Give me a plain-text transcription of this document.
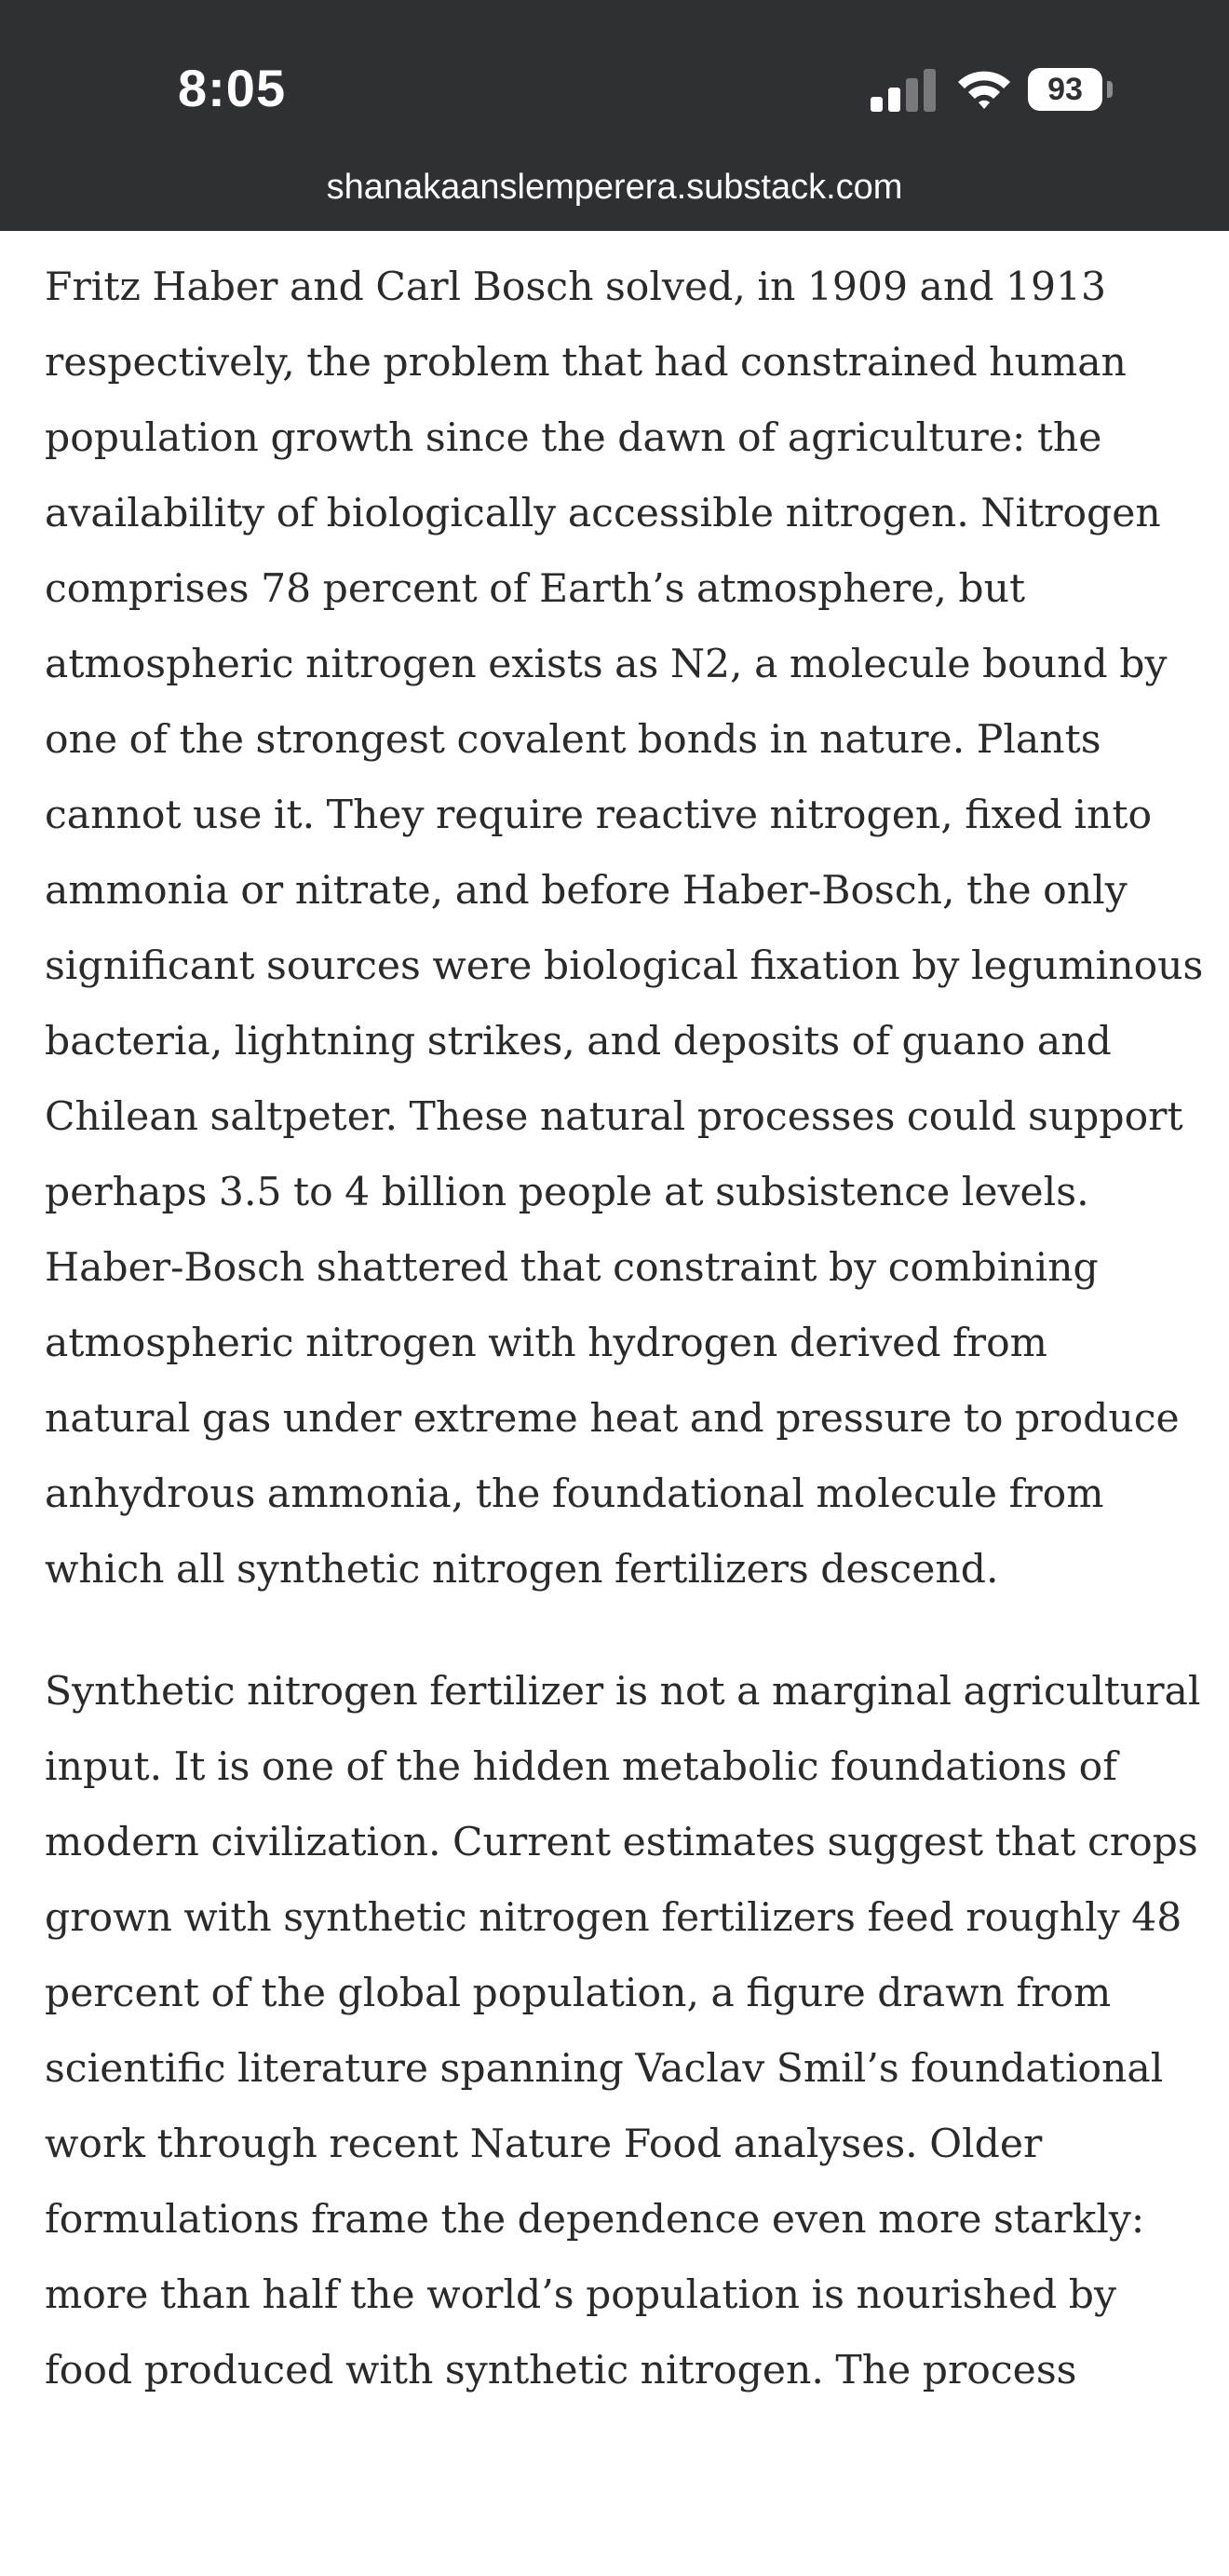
8:05	93
shanakaanslemperera.substack.com

Fritz Haber and Carl Bosch solved, in 1909 and 1913 respectively, the problem that had constrained human population growth since the dawn of agriculture: the availability of biologically accessible nitrogen. Nitrogen comprises 78 percent of Earth’s atmosphere, but atmospheric nitrogen exists as N2, a molecule bound by one of the strongest covalent bonds in nature. Plants cannot use it. They require reactive nitrogen, fixed into ammonia or nitrate, and before Haber-Bosch, the only significant sources were biological fixation by leguminous bacteria, lightning strikes, and deposits of guano and Chilean saltpeter. These natural processes could support perhaps 3.5 to 4 billion people at subsistence levels. Haber-Bosch shattered that constraint by combining atmospheric nitrogen with hydrogen derived from natural gas under extreme heat and pressure to produce anhydrous ammonia, the foundational molecule from which all synthetic nitrogen fertilizers descend.

Synthetic nitrogen fertilizer is not a marginal agricultural input. It is one of the hidden metabolic foundations of modern civilization. Current estimates suggest that crops grown with synthetic nitrogen fertilizers feed roughly 48 percent of the global population, a figure drawn from scientific literature spanning Vaclav Smil’s foundational work through recent Nature Food analyses. Older formulations frame the dependence even more starkly: more than half the world’s population is nourished by food produced with synthetic nitrogen. The process
